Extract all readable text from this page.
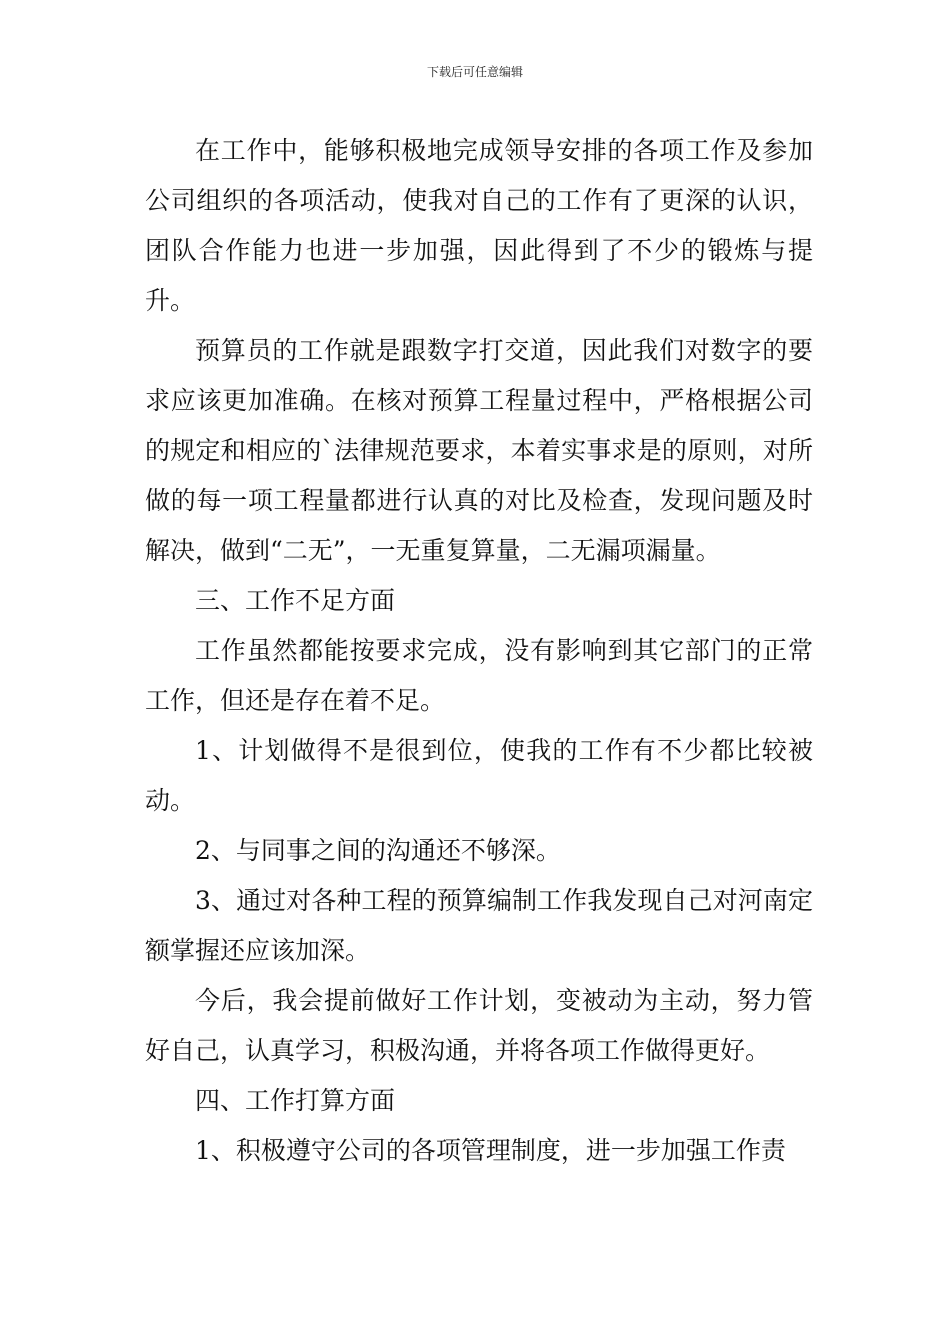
下载后可任意编辑

在工作中，能够积极地完成领导安排的各项工作及参加公司组织的各项活动，使我对自己的工作有了更深的认识，团队合作能力也进一步加强，因此得到了不少的锻炼与提升。

预算员的工作就是跟数字打交道，因此我们对数字的要求应该更加准确。在核对预算工程量过程中，严格根据公司的规定和相应的`法律规范要求，本着实事求是的原则，对所做的每一项工程量都进行认真的对比及检查，发现问题及时解决，做到“二无”，一无重复算量，二无漏项漏量。

三、工作不足方面

工作虽然都能按要求完成，没有影响到其它部门的正常工作，但还是存在着不足。

1、计划做得不是很到位，使我的工作有不少都比较被动。

2、与同事之间的沟通还不够深。

3、通过对各种工程的预算编制工作我发现自己对河南定额掌握还应该加深。

今后，我会提前做好工作计划，变被动为主动，努力管好自己，认真学习，积极沟通，并将各项工作做得更好。

四、工作打算方面

1、积极遵守公司的各项管理制度，进一步加强工作责
